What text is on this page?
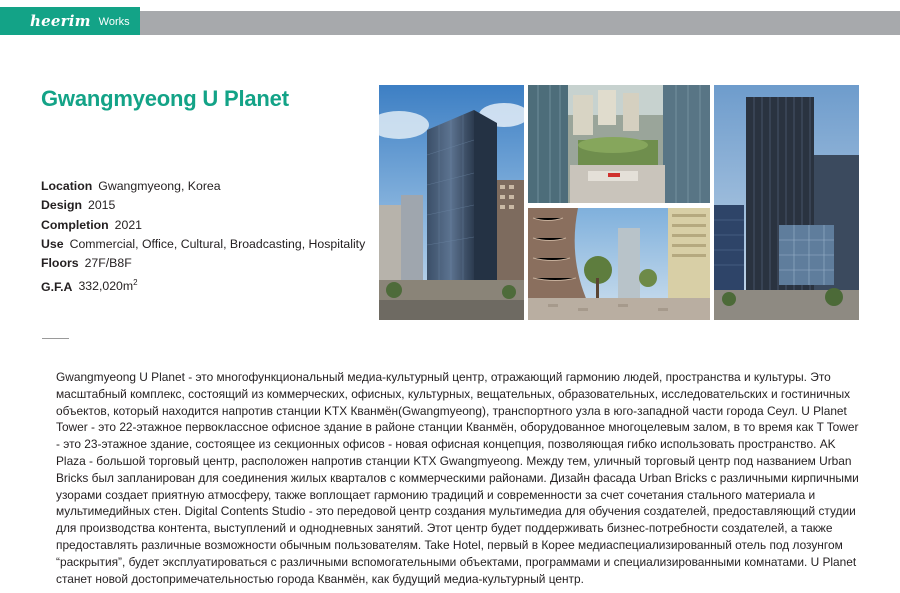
heerim Works
Gwangmyeong U Planet
Location Gwangmyeong, Korea
Design 2015
Completion 2021
Use Commercial, Office, Cultural, Broadcasting, Hospitality
Floors 27F/B8F
G.F.A $332,020m^2$
Gwangmyeong U Planet - это многофункциональный медиа-культурный центр, отражающий гармонию людей, пространства и культуры. Это масштабный комплекс, состоящий из коммерческих, офисных, культурных, вещательных, образовательных, исследовательских и гостиничных объектов, который находится напротив станции KTX Кванмён(Gwangmyeong), транспортного узла в юго-западной части города Сеул. U Planet Tower - это 22-этажное первоклассное офисное здание в районе станции Кванмён, оборудованное многоцелевым залом, в то время как T Tower - это 23-этажное здание, состоящее из секционных офисов - новая офисная концепция, позволяющая гибко использовать пространство. AK Plaza - большой торговый центр, расположен напротив станции KTX Gwangmyeong. Между тем, уличный торговый центр под названием Urban Bricks был запланирован для соединения жилых кварталов с коммерческими районами. Дизайн фасада Urban Bricks с различными кирпичными узорами создает приятную атмосферу, также воплощает гармонию традиций и современности за счет сочетания стального материала и мультимедийных стен. Digital Contents Studio - это передовой центр создания мультимедиа для обучения создателей, предоставляющий студии для производства контента, выступлений и однодневных занятий. Этот центр будет поддерживать бизнес-потребности создателей, а также предоставлять различные возможности обычным пользователям. Take Hotel, первый в Корее медиаспециализированный отель под лозунгом “раскрытия”, будет эксплуатироваться с различными вспомогательными объектами, программами и специализированными комнатами. U Planet станет новой достопримечательностью города Кванмён, как будущий медиа-культурный центр.
